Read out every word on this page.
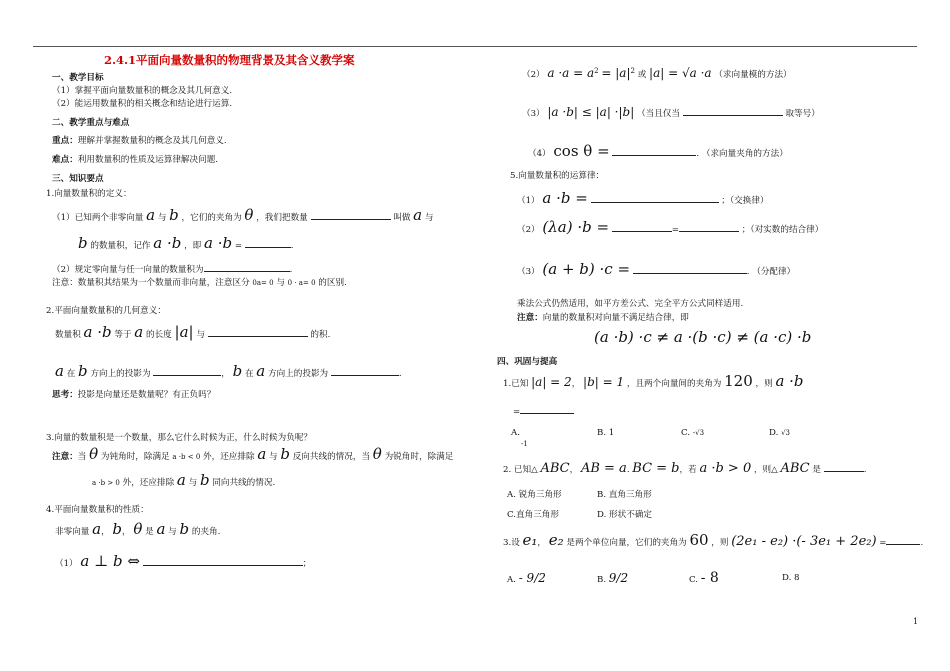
2.4.1平面向量数量积的物理背景及其含义教学案
一、教学目标
（1）掌握平面向量数量积的概念及其几何意义.
（2）能运用数量积的相关概念和结论进行运算.
二、教学重点与难点
重点：理解并掌握数量积的概念及其几何意义.
难点：利用数量积的性质及运算律解决问题.
三、知识要点
1.向量数量积的定义：
（1）已知两个非零向量 a 与 b ，它们的夹角为 θ ，我们把数量	叫做 a 与
b 的数量积，记作 a ·b ，即 a ·b =	.
（2）规定零向量与任一向量的数量积为	.
注意：数量积其结果为一个数量而非向量，注意区分 0a= 0 与 0 · a= 0 的区别.
2.平面向量数量积的几何意义：
数量积 a ·b 等于 a 的长度 |a| 与	的积.
a 在 b 方向上的投影为	， b 在 a 方向上的投影为	.
思考：投影是向量还是数量呢？有正负吗？
3.向量的数量积是一个数量，那么它什么时候为正，什么时候为负呢？
注意：当 θ 为钝角时，除满足 a ·b < 0 外，还应排除 a 与 b 反向共线的情况，当 θ 为锐角时，除满足
a ·b > 0 外，还应排除 a 与 b 同向共线的情况.
4.平面向量数量积的性质：
非零向量 a， b， θ 是 a 与 b 的夹角.
（1） a ⊥ b ⇔	；
（2） $a \cdot a = a^2 = |a|^2$ 或 |a| = √a ·a （求向量模的方法）
（3） |a ·b| ≤ |a| ·|b| （当且仅当	取等号）
（4） cos θ =	. （求向量夹角的方法）
5.向量数量积的运算律：
（1） a ·b =	；（交换律）
（2） (λa) ·b =	=	；（对实数的结合律）
（3） (a + b) ·c =	. （分配律）
乘法公式仍然适用，如平方差公式、完全平方公式同样适用.
注意：向量的数量积对向量不满足结合律，即
(a ·b) ·c ≠ a ·(b ·c) ≠ (a ·c) ·b
四、巩固与提高
1.已知 |a| = 2， |b| = 1 ，且两个向量间的夹角为 120 ，则 a ·b
=
A.
-1
B. 1	C. -√3	D. √3
2. 已知△ ABC， AB = a. BC = b，若 a ·b > 0 ，则△ ABC 是	.
A. 锐角三角形	B. 直角三角形
C.直角三角形	D. 形状不确定
3.设 e₁， e₂ 是两个单位向量，它们的夹角为 60 ，则 (2e₁ - e₂) ·(- 3e₁ + 2e₂) =	.
A. - 9/2	B. 9/2	C. - 8	D. 8
1
